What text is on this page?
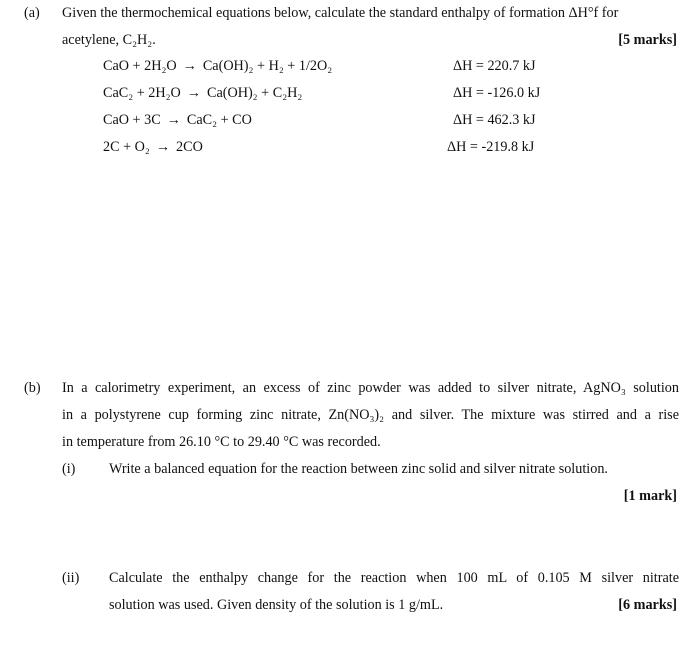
(a) Given the thermochemical equations below, calculate the standard enthalpy of formation ΔH°f for
acetylene, C₂H₂.	[5 marks]
CaO + 2H₂O → Ca(OH)₂ + H₂ + 1/2O₂	ΔH = 220.7 kJ
CaC₂ + 2H₂O → Ca(OH)₂ + C₂H₂	ΔH = -126.0 kJ
CaO + 3C → CaC₂ + CO	ΔH = 462.3 kJ
2C + O₂ → 2CO	ΔH = -219.8 kJ
(b) In a calorimetry experiment, an excess of zinc powder was added to silver nitrate, AgNO₃ solution
in a polystyrene cup forming zinc nitrate, Zn(NO₃)₂ and silver. The mixture was stirred and a rise
in temperature from 26.10 °C to 29.40 °C was recorded.
(i) Write a balanced equation for the reaction between zinc solid and silver nitrate solution.
[1 mark]
(ii) Calculate the enthalpy change for the reaction when 100 mL of 0.105 M silver nitrate
solution was used. Given density of the solution is 1 g/mL.	[6 marks]
